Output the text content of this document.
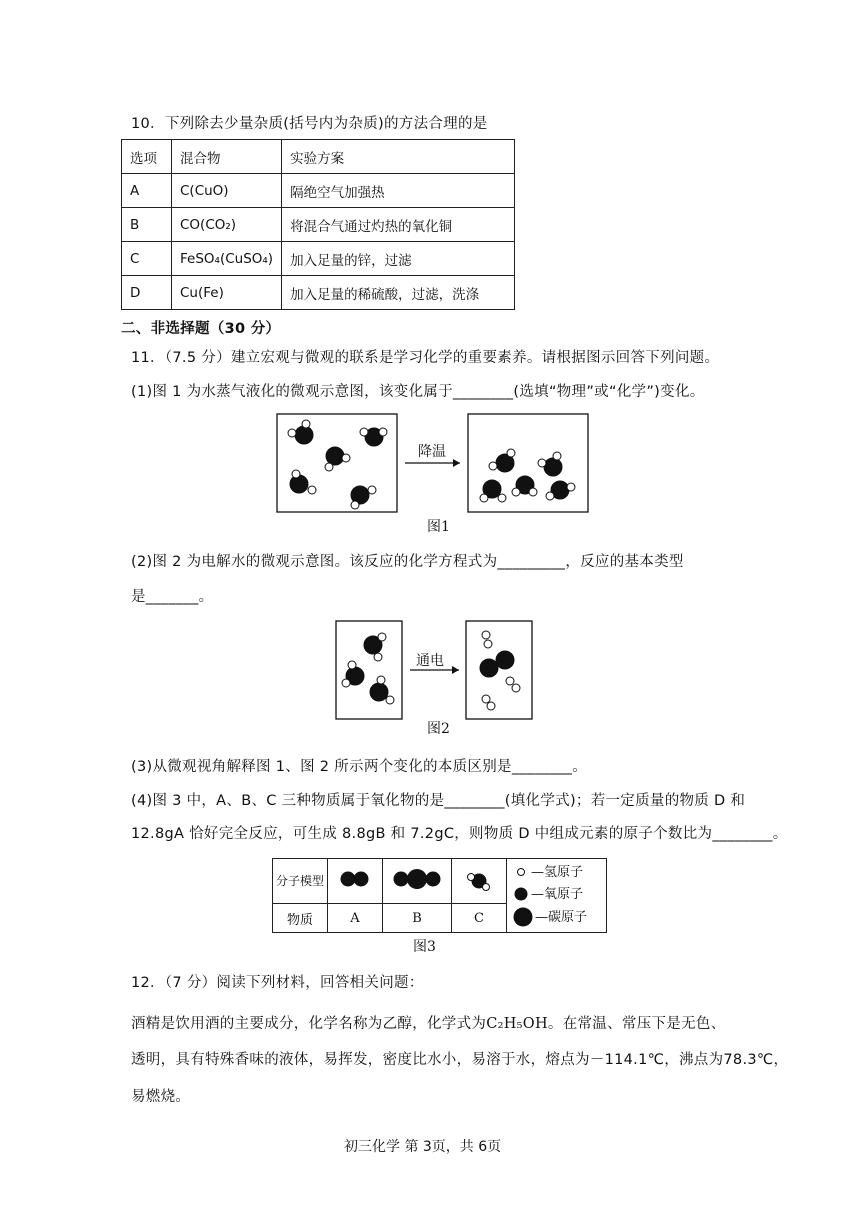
10．下列除去少量杂质(括号内为杂质)的方法合理的是
选项	混合物	实验方案
A	C(CuO)	隔绝空气加强热
B	CO(CO₂)	将混合气通过灼热的氧化铜
C	FeSO₄(CuSO₄)	加入足量的锌，过滤
D	Cu(Fe)	加入足量的稀硫酸，过滤，洗涤
二、非选择题（30 分）
11．（7.5 分）建立宏观与微观的联系是学习化学的重要素养。请根据图示回答下列问题。
(1)图 1 为水蒸气液化的微观示意图，该变化属于________(选填“物理”或“化学”)变化。
降温
图1
(2)图 2 为电解水的微观示意图。该反应的化学方程式为_________，反应的基本类型
是_______。
通电
图2
(3)从微观视角解释图 1、图 2 所示两个变化的本质区别是________。
(4)图 3 中，A、B、C 三种物质属于氧化物的是________(填化学式)；若一定质量的物质 D 和
12.8gA 恰好完全反应，可生成 8.8gB 和 7.2gC，则物质 D 中组成元素的原子个数比为________。
分子模型				—氢原子
—氧原子
—碳原子

物质	A	B	C	
图3
12．（7 分）阅读下列材料，回答相关问题：
酒精是饮用酒的主要成分，化学名称为乙醇，化学式为C₂H₅OH。在常温、常压下是无色、
透明，具有特殊香味的液体，易挥发，密度比水小，易溶于水，熔点为－114.1℃，沸点为78.3℃，
易燃烧。
初三化学 第 3页，共 6页
